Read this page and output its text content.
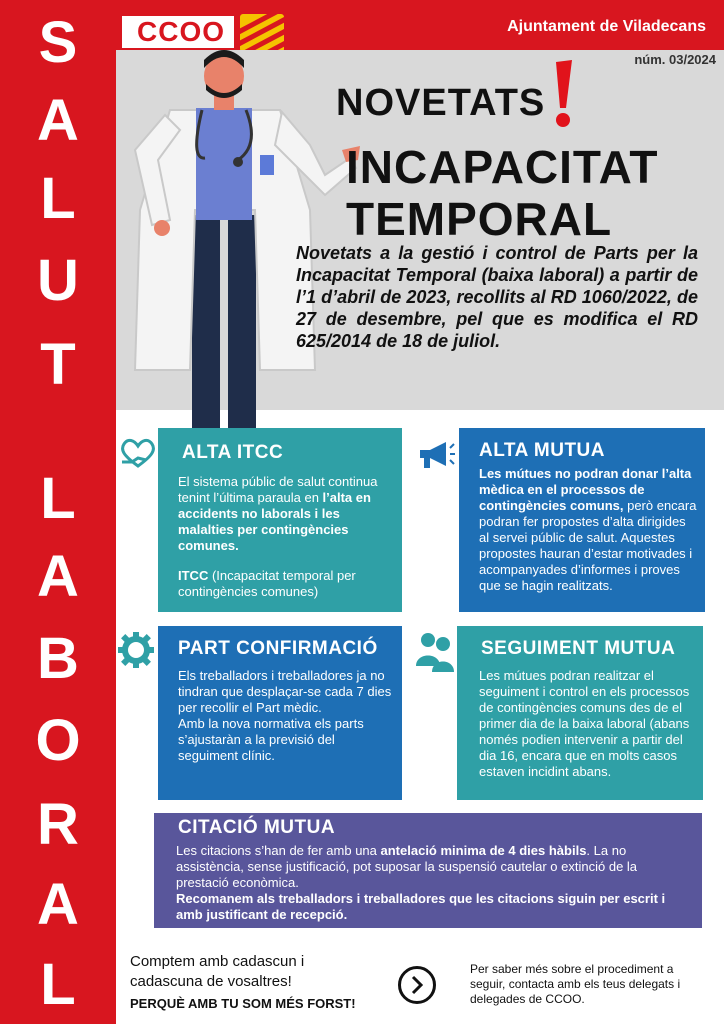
S
A
L
U
T
L
A
B
O
R
A
L
CCOO	Ajuntament de Viladecans
núm. 03/2024
NOVETATS
INCAPACITAT
TEMPORAL
Novetats a la gestió i control de Parts per la Incapacitat Temporal (baixa laboral) a partir de l’1 d’abril de 2023, recollits al RD 1060/2022, de 27 de desembre, pel que es modifica el RD 625/2014 de 18 de juliol.
ALTA ITCC

El sistema públic de salut continua tenint l’última paraula en l’alta en accidents no laborals i les malalties per contingències comunes.

ITCC (Incapacitat temporal per contingències comunes)

ALTA MUTUA

Les mútues no podran donar l’alta mèdica en el processos de contingències comuns, però encara podran fer propostes d’alta dirigides al servei públic de salut. Aquestes propostes hauran d’estar motivades i acompanyades d’informes i proves que se hagin realitzats.

PART CONFIRMACIÓ

Els treballadors i treballadores ja no tindran que desplaçar-se cada 7 dies per recollir el Part mèdic.

Amb la nova normativa els parts s’ajustaràn a la previsió del seguiment clínic.

SEGUIMENT MUTUA

Les mútues podran realitzar el seguiment i control en els processos de contingències comuns des de el primer dia de la baixa laboral (abans només podien intervenir a partir del dia 16, encara que en molts casos estaven incidint abans.

CITACIÓ MUTUA

Les citacions s’han de fer amb una antelació minima de 4 dies hàbils. La no assistència, sense justificació, pot suposar la suspensió cautelar o extinció de la prestació econòmica.

Recomanem als treballadors i treballadores que les citacions siguin per escrit i amb justificant de recepció.

Comptem amb cadascun i
cadascuna de vosaltres!
PERQUÈ AMB TU SOM MÉS FORST!
Per saber més sobre el procediment a seguir, contacta amb els teus delegats i delegades de CCOO.
